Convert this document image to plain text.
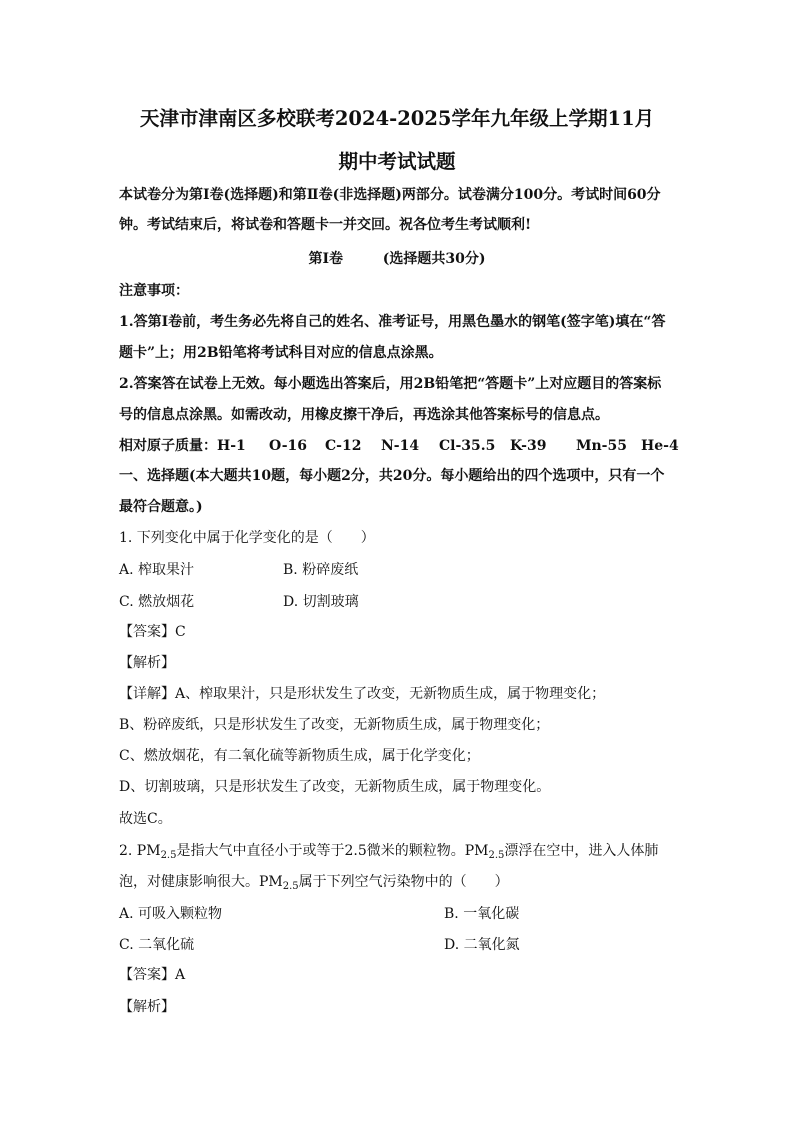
天津市津南区多校联考2024-2025学年九年级上学期11月
期中考试试题
本试卷分为第Ⅰ卷(选择题)和第Ⅱ卷(非选择题)两部分。试卷满分100分。考试时间60分
钟。考试结束后，将试卷和答题卡一并交回。祝各位考生考试顺利!
第Ⅰ卷	(选择题共30分)
注意事项：
1.答第Ⅰ卷前，考生务必先将自己的姓名、准考证号，用黑色墨水的钢笔(签字笔)填在“答
题卡”上；用2B铅笔将考试科目对应的信息点涂黑。
2.答案答在试卷上无效。每小题选出答案后，用2B铅笔把“答题卡”上对应题目的答案标
号的信息点涂黑。如需改动，用橡皮擦干净后，再选涂其他答案标号的信息点。
相对原子质量： H-1 O-16 C-12 N-14 Cl-35.5 K-39 Mn-55 He-4
一、选择题(本大题共10题，每小题2分，共20分。每小题给出的四个选项中，只有一个
最符合题意。)
1. 下列变化中属于化学变化的是（　　）
A. 榨取果汁	B. 粉碎废纸
C. 燃放烟花	D. 切割玻璃
【答案】C
【解析】
【详解】A、榨取果汁，只是形状发生了改变，无新物质生成，属于物理变化；
B、粉碎废纸，只是形状发生了改变，无新物质生成，属于物理变化；
C、燃放烟花，有二氧化硫等新物质生成，属于化学变化；
D、切割玻璃，只是形状发生了改变，无新物质生成，属于物理变化。
故选C。
2. $PM_{2.5}$是指大气中直径小于或等于2.5微米的颗粒物。$PM_{2.5}$漂浮在空中，进入人体肺
泡，对健康影响很大。$PM_{2.5}$属于下列空气污染物中的（　　）
A. 可吸入颗粒物	B. 一氧化碳
C. 二氧化硫	D. 二氧化氮
【答案】A
【解析】
